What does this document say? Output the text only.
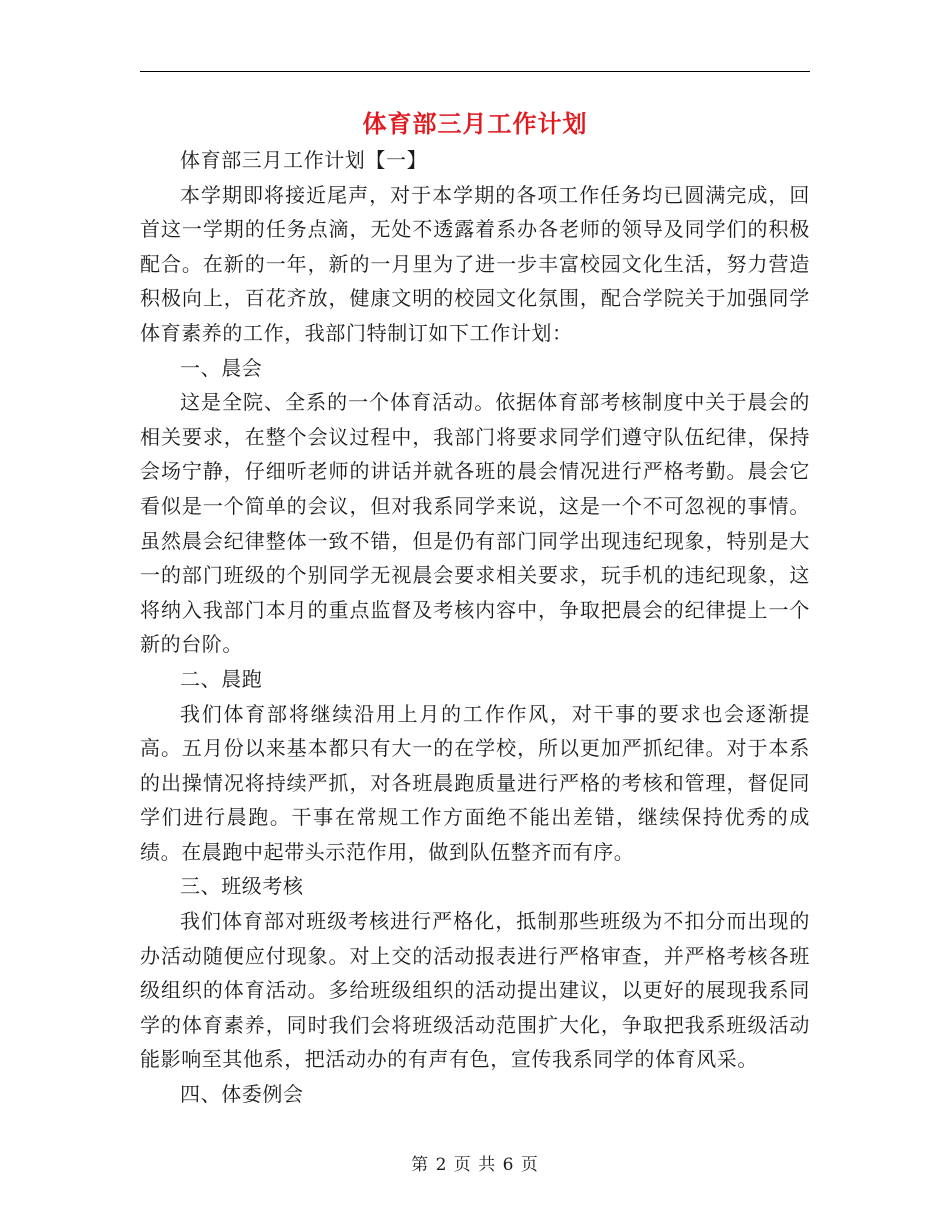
体育部三月工作计划

体育部三月工作计划【一】

本学期即将接近尾声，对于本学期的各项工作任务均已圆满完成，回首这一学期的任务点滴，无处不透露着系办各老师的领导及同学们的积极配合。在新的一年，新的一月里为了进一步丰富校园文化生活，努力营造积极向上，百花齐放，健康文明的校园文化氛围，配合学院关于加强同学体育素养的工作，我部门特制订如下工作计划：

一、晨会

这是全院、全系的一个体育活动。依据体育部考核制度中关于晨会的相关要求，在整个会议过程中，我部门将要求同学们遵守队伍纪律，保持会场宁静，仔细听老师的讲话并就各班的晨会情况进行严格考勤。晨会它看似是一个简单的会议，但对我系同学来说，这是一个不可忽视的事情。虽然晨会纪律整体一致不错，但是仍有部门同学出现违纪现象，特别是大一的部门班级的个别同学无视晨会要求相关要求，玩手机的违纪现象，这将纳入我部门本月的重点监督及考核内容中，争取把晨会的纪律提上一个新的台阶。

二、晨跑

我们体育部将继续沿用上月的工作作风，对干事的要求也会逐渐提高。五月份以来基本都只有大一的在学校，所以更加严抓纪律。对于本系的出操情况将持续严抓，对各班晨跑质量进行严格的考核和管理，督促同学们进行晨跑。干事在常规工作方面绝不能出差错，继续保持优秀的成绩。在晨跑中起带头示范作用，做到队伍整齐而有序。

三、班级考核

我们体育部对班级考核进行严格化，抵制那些班级为不扣分而出现的办活动随便应付现象。对上交的活动报表进行严格审查，并严格考核各班级组织的体育活动。多给班级组织的活动提出建议，以更好的展现我系同学的体育素养，同时我们会将班级活动范围扩大化，争取把我系班级活动能影响至其他系，把活动办的有声有色，宣传我系同学的体育风采。

四、体委例会

第 2 页 共 6 页
